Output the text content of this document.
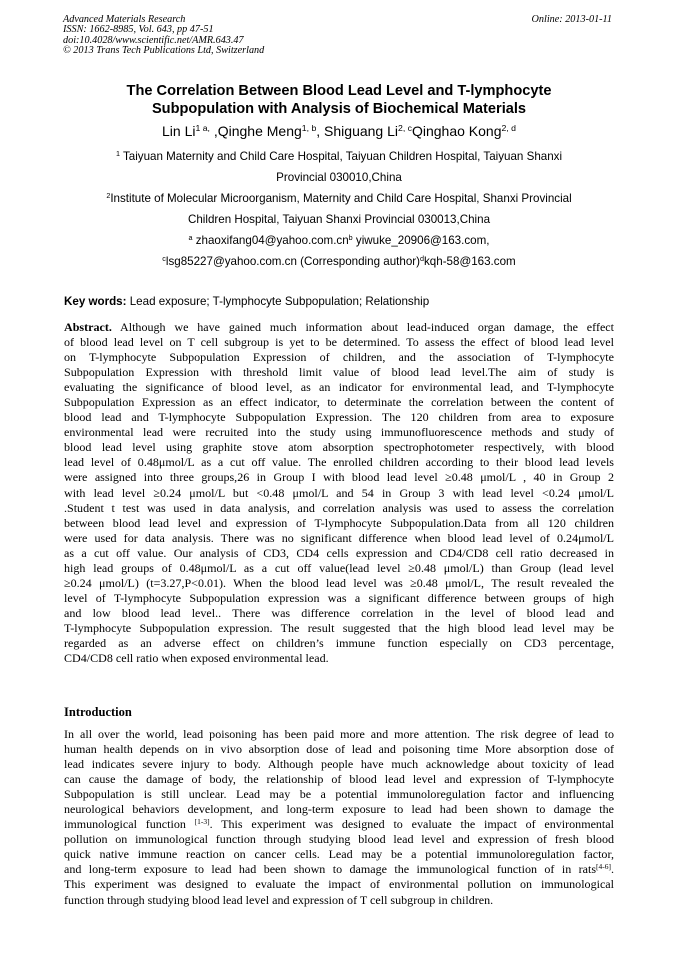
Advanced Materials Research
ISSN: 1662-8985, Vol. 643, pp 47-51
doi:10.4028/www.scientific.net/AMR.643.47
© 2013 Trans Tech Publications Ltd, Switzerland
Online: 2013-01-11
The Correlation Between Blood Lead Level and T-lymphocyte
Subpopulation with Analysis of Biochemical Materials
Lin $Li^{1 a,}$ ,Qinghe Meng$^{1, b}$, Shiguang Li$^{2, c}$Qinghao Kong$^{2, d}$
$^1$ Taiyuan Maternity and Child Care Hospital, Taiyuan Children Hospital, Taiyuan Shanxi
Provincial 030010,China
$^2$Institute of Molecular Microorganism, Maternity and Child Care Hospital, Shanxi Provincial
Children Hospital, Taiyuan Shanxi Provincial 030013,China
$^a$ $zhaoxifang04@yahoo.com.cn^b$ yiwuke_20906@163.com,
$^c$lsg85227@yahoo.com.cn (Corresponding author)$^d$kqh-58@163.com
Key words: Lead exposure; T-lymphocyte Subpopulation; Relationship
Abstract. Although we have gained much information about lead-induced organ damage, the effect
of blood lead level on T cell subgroup is yet to be determined. To assess the effect of blood lead level
on T-lymphocyte Subpopulation Expression of children, and the association of T-lymphocyte
Subpopulation Expression with threshold limit value of blood lead level.The aim of study is
evaluating the significance of blood level, as an indicator for environmental lead, and T-lymphocyte
Subpopulation Expression as an effect indicator, to determinate the correlation between the content of
blood lead and T-lymphocyte Subpopulation Expression. The 120 children from area to exposure
environmental lead were recruited into the study using immunofluorescence methods and study of
blood lead level using graphite stove atom absorption spectrophotometer respectively, with blood
lead level of 0.48μmol/L as a cut off value. The enrolled children according to their blood lead levels
were assigned into three groups,26 in Group I with blood lead level ≥0.48 μmol/L , 40 in Group 2
with lead level ≥0.24 μmol/L but <0.48 μmol/L and 54 in Group 3 with lead level <0.24 μmol/L
.Student t test was used in data analysis, and correlation analysis was used to assess the correlation
between blood lead level and expression of T-lymphocyte Subpopulation.Data from all 120 children
were used for data analysis. There was no significant difference when blood lead level of 0.24μmol/L
as a cut off value. Our analysis of CD3, CD4 cells expression and CD4/CD8 cell ratio decreased in
high lead groups of 0.48μmol/L as a cut off value(lead level ≥0.48 μmol/L) than Group (lead level
≥0.24 μmol/L) (t=3.27,P<0.01). When the blood lead level was ≥0.48 μmol/L, The result revealed the
level of T-lymphocyte Subpopulation expression was a significant difference between groups of high
and low blood lead level.. There was difference correlation in the level of blood lead and
T-lymphocyte Subpopulation expression. The result suggested that the high blood lead level may be
regarded as an adverse effect on children’s immune function especially on CD3 percentage,
CD4/CD8 cell ratio when exposed environmental lead.
Introduction
In all over the world, lead poisoning has been paid more and more attention. The risk degree of lead to
human health depends on in vivo absorption dose of lead and poisoning time More absorption dose of
lead indicates severe injury to body. Although people have much acknowledge about toxicity of lead
can cause the damage of body, the relationship of blood lead level and expression of T-lymphocyte
Subpopulation is still unclear. Lead may be a potential immunoloregulation factor and influencing
neurological behaviors development, and long-term exposure to lead had been shown to damage the
immunological function [1-3]. This experiment was designed to evaluate the impact of environmental
pollution on immunological function through studying blood lead level and expression of fresh blood
quick native immune reaction on cancer cells. Lead may be a potential immunoloregulation factor,
and long-term exposure to lead had been shown to damage the immunological function of in rats[4-6].
This experiment was designed to evaluate the impact of environmental pollution on immunological
function through studying blood lead level and expression of T cell subgroup in children.
